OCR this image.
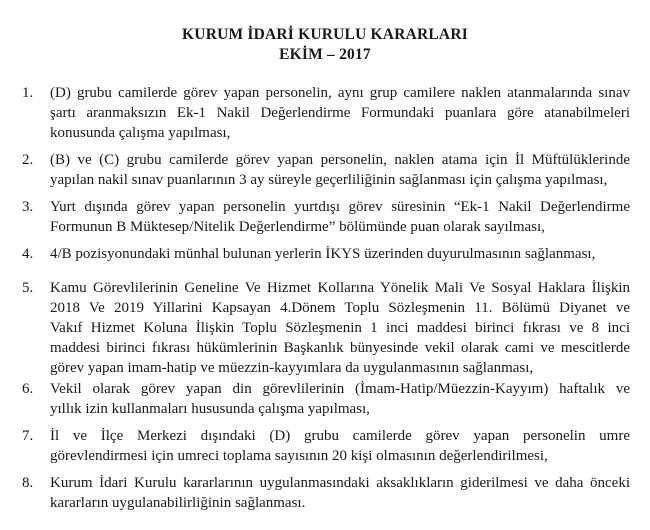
KURUM İDARİ KURULU KARARLARI
EKİM – 2017
1.	(D) grubu camilerde görev yapan personelin, aynı grup camilere naklen atanmalarında sınav
şartı aranmaksızın Ek-1 Nakil Değerlendirme Formundaki puanlara göre atanabilmeleri
konusunda çalışma yapılması,
2.	(B) ve (C) grubu camilerde görev yapan personelin, naklen atama için İl Müftülüklerinde
yapılan nakil sınav puanlarının 3 ay süreyle geçerliliğinin sağlanması için çalışma yapılması,
3.	Yurt dışında görev yapan personelin yurtdışı görev süresinin “Ek-1 Nakil Değerlendirme
Formunun B Müktesep/Nitelik Değerlendirme” bölümünde puan olarak sayılması,
4.	4/B pozisyonundaki münhal bulunan yerlerin İKYS üzerinden duyurulmasının sağlanması,
5.	Kamu Görevlilerinin Geneline Ve Hizmet Kollarına Yönelik Mali Ve Sosyal Haklara İlişkin
2018 Ve 2019 Yillarini Kapsayan 4.Dönem Toplu Sözleşmenin 11. Bölümü Diyanet ve
Vakıf Hizmet Koluna İlişkin Toplu Sözleşmenin 1 inci maddesi birinci fıkrası ve 8 inci
maddesi birinci fıkrası hükümlerinin Başkanlık bünyesinde vekil olarak cami ve mescitlerde
görev yapan imam-hatip ve müezzin-kayyımlara da uygulanmasının sağlanması,
6.	Vekil olarak görev yapan din görevlilerinin (İmam-Hatip/Müezzin-Kayyım) haftalık ve
yıllık izin kullanmaları hususunda çalışma yapılması,
7.	İl ve İlçe Merkezi dışındaki (D) grubu camilerde görev yapan personelin umre
görevlendirmesi için umreci toplama sayısının 20 kişi olmasının değerlendirilmesi,
8.	Kurum İdari Kurulu kararlarının uygulanmasındaki aksaklıkların giderilmesi ve daha önceki
kararların uygulanabilirliğinin sağlanması.
